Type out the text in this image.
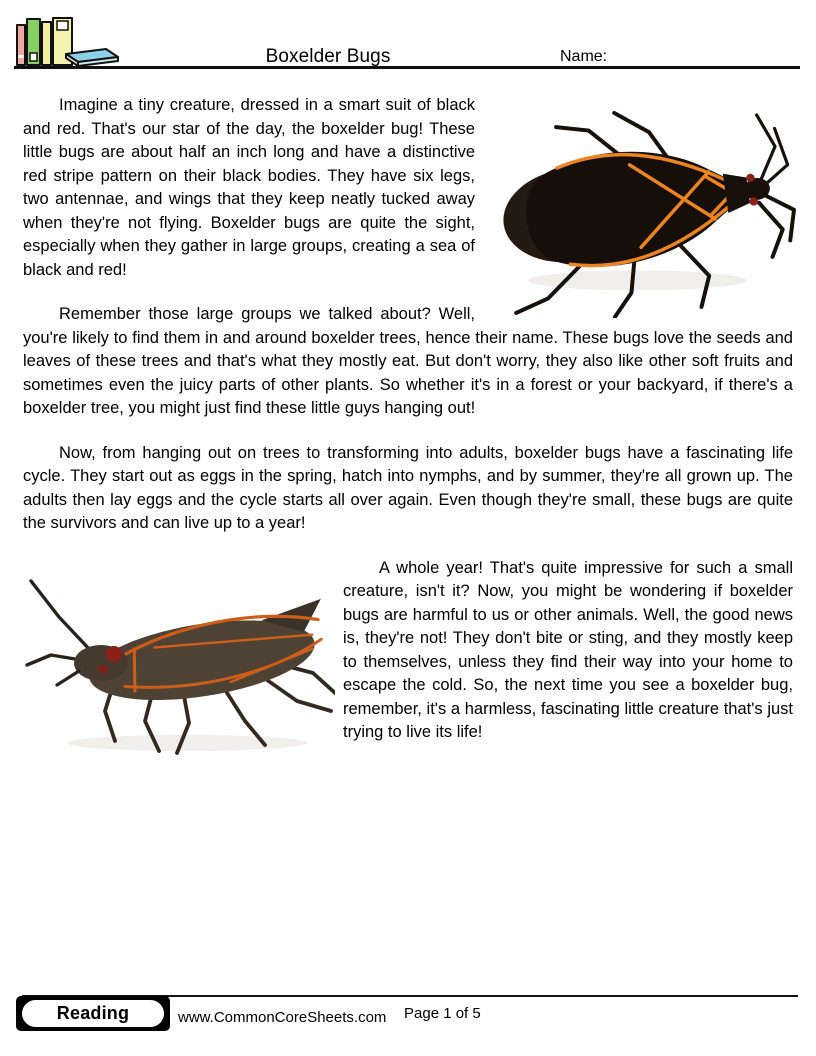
Boxelder Bugs	Name:

Imagine a tiny creature, dressed in a smart suit of black and red. That's our star of the day, the boxelder bug! These little bugs are about half an inch long and have a distinctive red stripe pattern on their black bodies. They have six legs, two antennae, and wings that they keep neatly tucked away when they're not flying. Boxelder bugs are quite the sight, especially when they gather in large groups, creating a sea of black and red!

Remember those large groups we talked about? Well, you're likely to find them in and around boxelder trees, hence their name. These bugs love the seeds and leaves of these trees and that's what they mostly eat. But don't worry, they also like other soft fruits and sometimes even the juicy parts of other plants. So whether it's in a forest or your backyard, if there's a boxelder tree, you might just find these little guys hanging out!

Now, from hanging out on trees to transforming into adults, boxelder bugs have a fascinating life cycle. They start out as eggs in the spring, hatch into nymphs, and by summer, they're all grown up. The adults then lay eggs and the cycle starts all over again. Even though they're small, these bugs are quite the survivors and can live up to a year!

A whole year! That's quite impressive for such a small creature, isn't it? Now, you might be wondering if boxelder bugs are harmful to us or other animals. Well, the good news is, they're not! They don't bite or sting, and they mostly keep to themselves, unless they find their way into your home to escape the cold. So, the next time you see a boxelder bug, remember, it's a harmless, fascinating little creature that's just trying to live its life!

Reading	www.CommonCoreSheets.com Page 1 of 5
